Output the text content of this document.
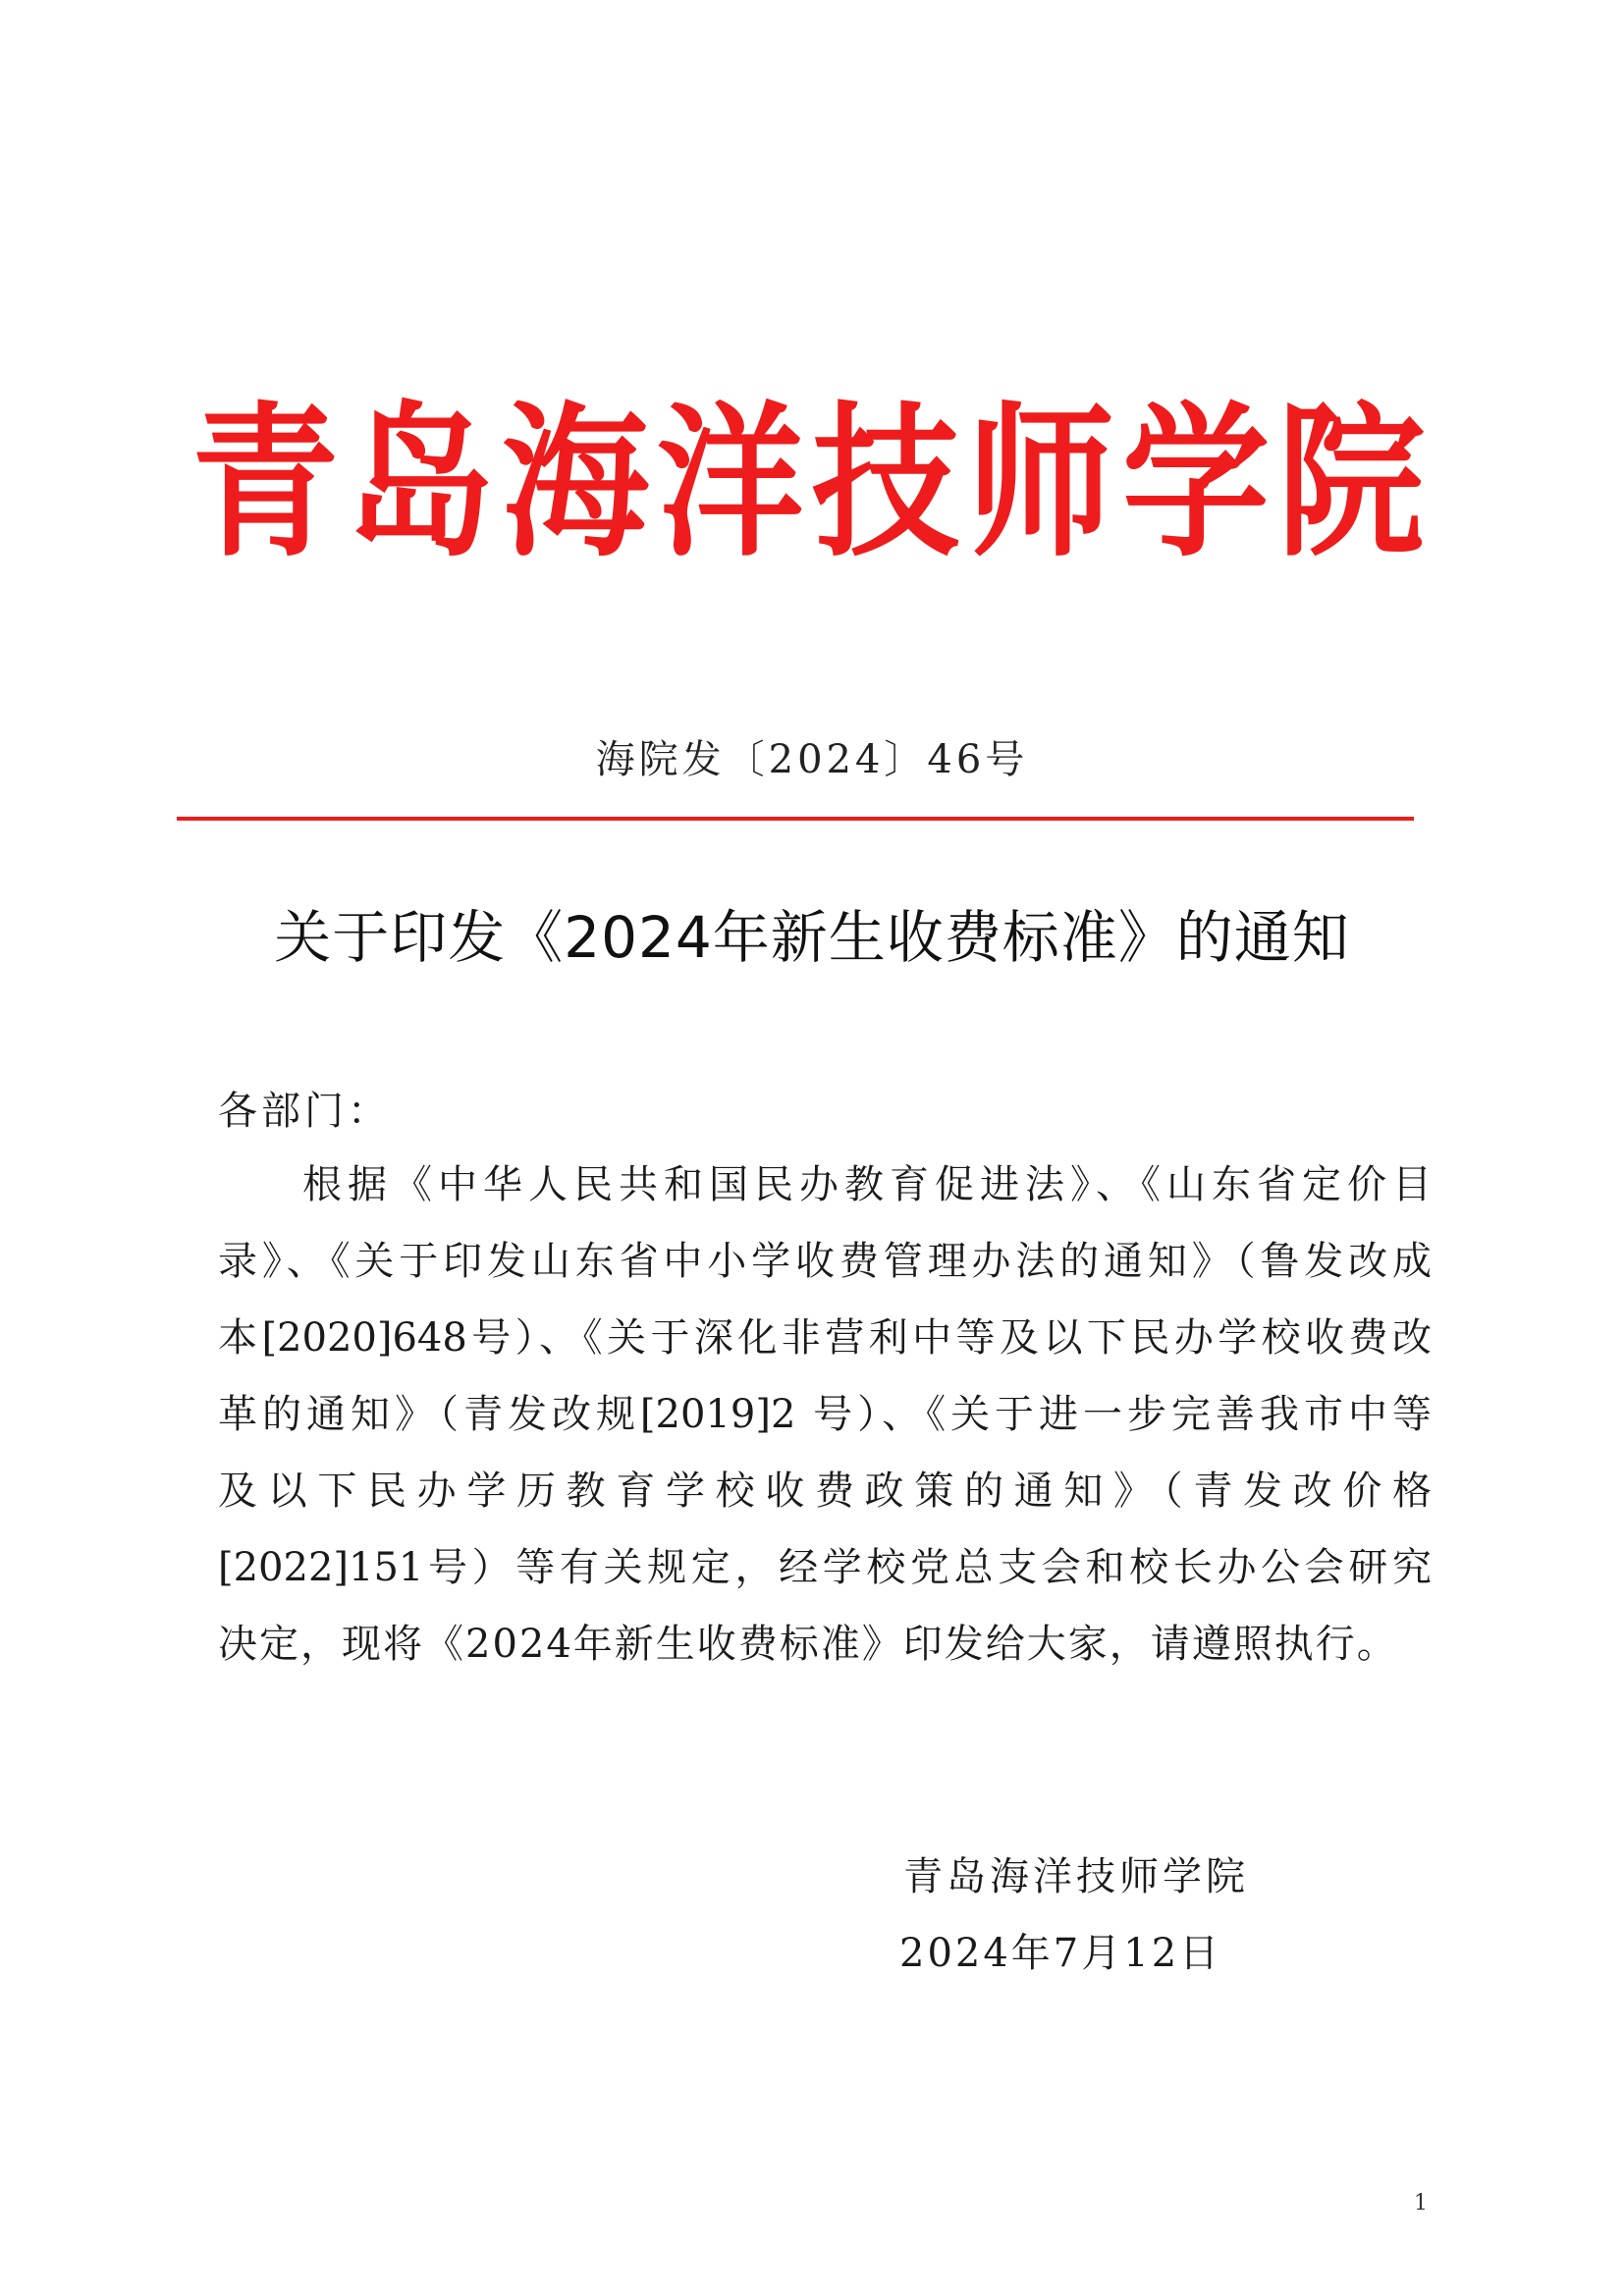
青岛海洋技师学院
海院发〔2024〕46号
关于印发《2024年新生收费标准》的通知
各部门：
根据《中华人民共和国民办教育促进法》、《山东省定价目
录》、《关于印发山东省中小学收费管理办法的通知》（鲁发改成
本[2020]648号）、《关于深化非营利中等及以下民办学校收费改
革的通知》（青发改规[2019]2 号）、《关于进一步完善我市中等
及以下民办学历教育学校收费政策的通知》（青发改价格
[2022]151号）等有关规定，经学校党总支会和校长办公会研究
决定，现将《2024年新生收费标准》印发给大家，请遵照执行。
青岛海洋技师学院
2024年7月12日
1
